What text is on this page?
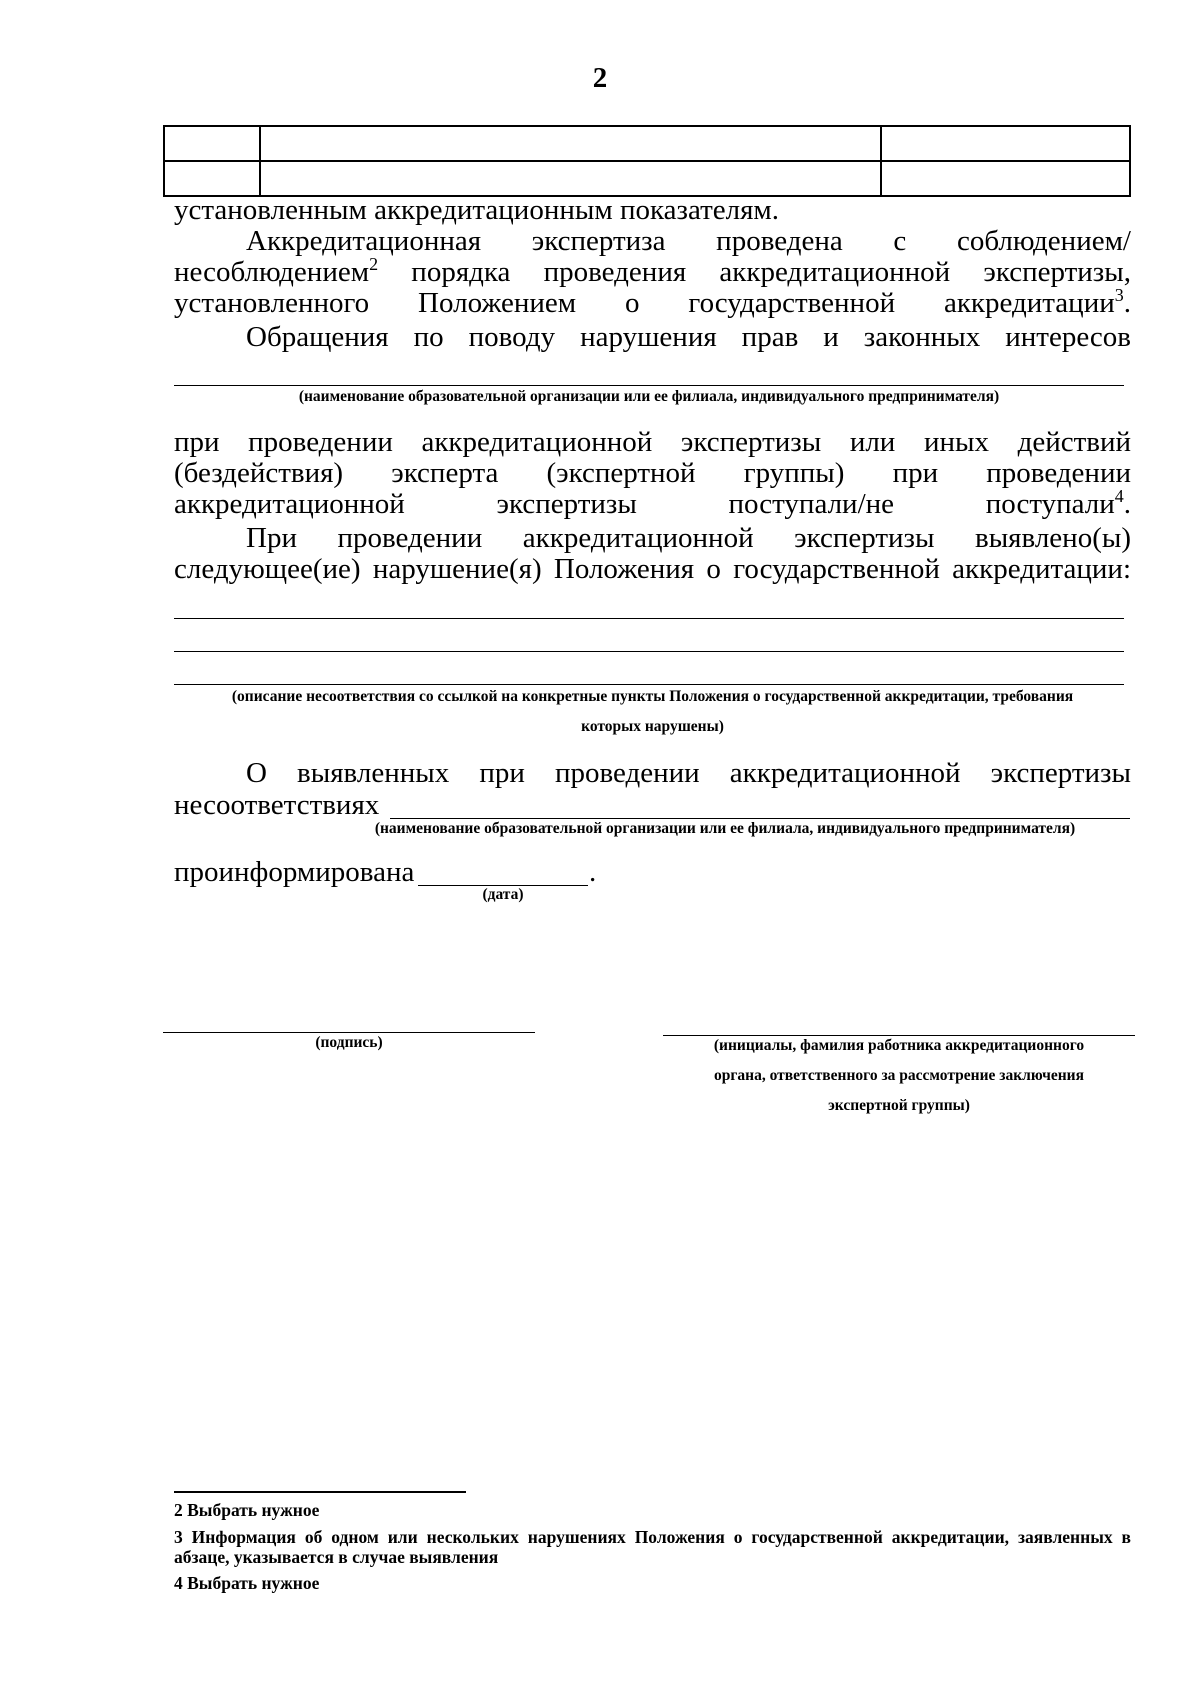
2

установленным аккредитационным показателям.
Аккредитационная экспертиза проведена с соблюдением/ несоблюдением$^2$ порядка проведения аккредитационной экспертизы, установленного Положением о государственной аккредитации$^3$.
Обращения по поводу нарушения прав и законных интересов
(наименование образовательной организации или ее филиала, индивидуального предпринимателя)
при проведении аккредитационной экспертизы или иных действий (бездействия) эксперта (экспертной группы) при проведении аккредитационной экспертизы поступали/не поступали$^4$.
При проведении аккредитационной экспертизы выявлено(ы) следующее(ие) нарушение(я) Положения о государственной аккредитации:
(описание несоответствия со ссылкой на конкретные пункты Положения о государственной аккредитации, требования
которых нарушены)
О выявленных при проведении аккредитационной экспертизы
несоответствиях
(наименование образовательной организации или ее филиала, индивидуального предпринимателя)
проинформирована	.
(дата)
(подпись)	(инициалы, фамилия работника аккредитационного
органа, ответственного за рассмотрение заключения
экспертной группы)
2 Выбрать нужное
3 Информация об одном или нескольких нарушениях Положения о государственной аккредитации, заявленных в абзаце, указывается в случае выявления
4 Выбрать нужное
